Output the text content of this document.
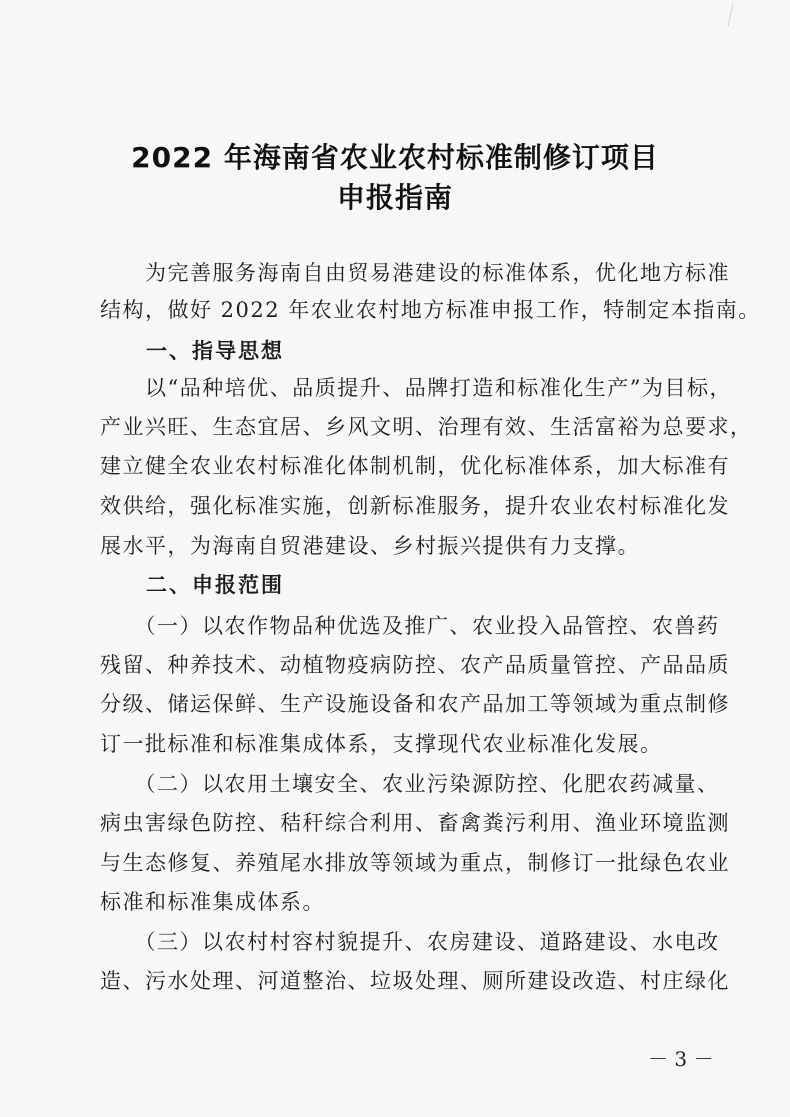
2022 年海南省农业农村标准制修订项目
申报指南
　　为完善服务海南自由贸易港建设的标准体系，优化地方标准
结构，做好 2022 年农业农村地方标准申报工作，特制定本指南。
　　一、指导思想
　　以“品种培优、品质提升、品牌打造和标准化生产”为目标，
产业兴旺、生态宜居、乡风文明、治理有效、生活富裕为总要求，
建立健全农业农村标准化体制机制，优化标准体系，加大标准有
效供给，强化标准实施，创新标准服务，提升农业农村标准化发
展水平，为海南自贸港建设、乡村振兴提供有力支撑。
　　二、申报范围
　　（一）以农作物品种优选及推广、农业投入品管控、农兽药
残留、种养技术、动植物疫病防控、农产品质量管控、产品品质
分级、储运保鲜、生产设施设备和农产品加工等领域为重点制修
订一批标准和标准集成体系，支撑现代农业标准化发展。
　　（二）以农用土壤安全、农业污染源防控、化肥农药减量、
病虫害绿色防控、秸秆综合利用、畜禽粪污利用、渔业环境监测
与生态修复、养殖尾水排放等领域为重点，制修订一批绿色农业
标准和标准集成体系。
　　（三）以农村村容村貌提升、农房建设、道路建设、水电改
造、污水处理、河道整治、垃圾处理、厕所建设改造、村庄绿化
－ 3 －
